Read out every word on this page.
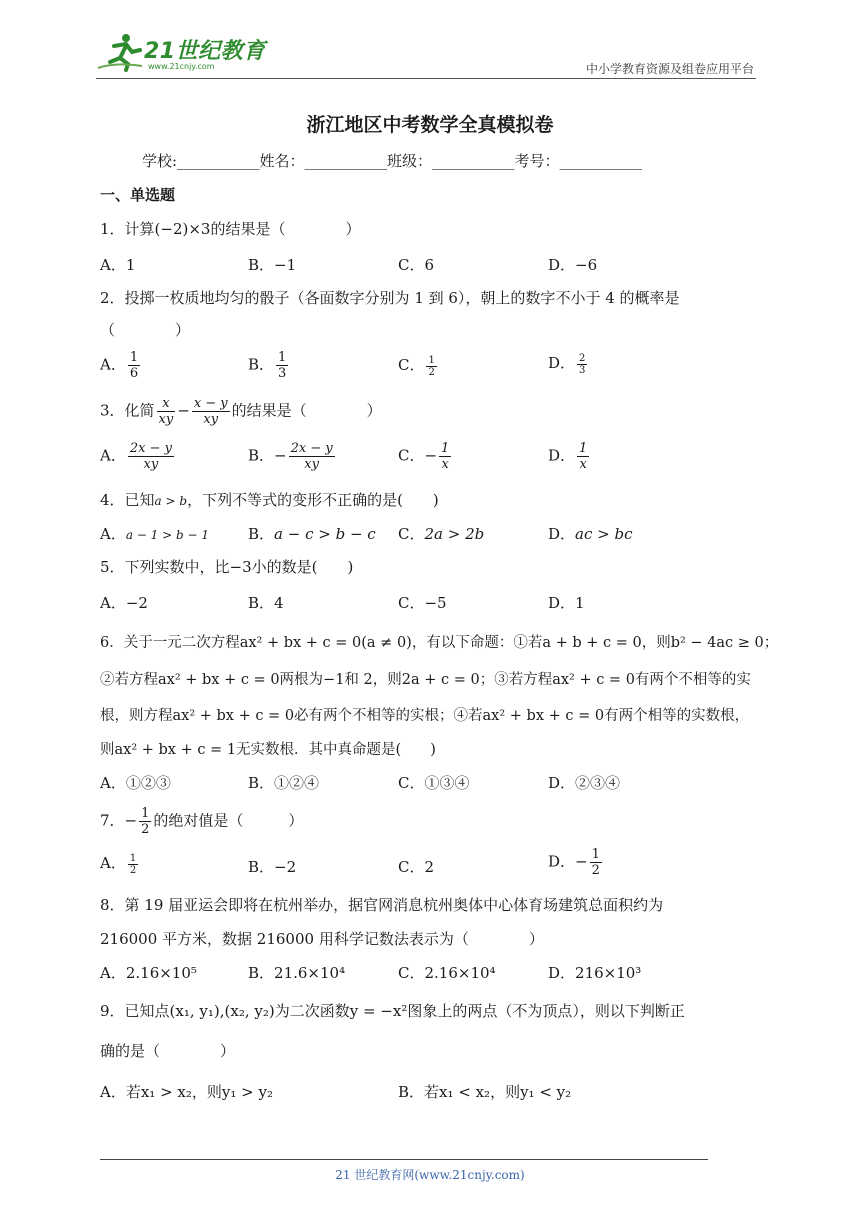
21世纪教育
www.21cnjy.com	中小学教育资源及组卷应用平台
浙江地区中考数学全真模拟卷
学校:___________姓名：___________班级：___________考号：___________
一、单选题
1．计算(−2)×3的结果是（　　　　）
A．1	B．−1	C．6	D．−6
2．投掷一枚质地均匀的骰子（各面数字分别为 1 到 6），朝上的数字不小于 4 的概率是
（　　　　）
A． $\frac{1}{6}$	B． $\frac{1}{3}$	C． $\frac{1}{2}$	D． $\frac{2}{3}$
3．化简 $\frac{x}{xy} - \frac{x - y}{xy}$ 的结果是（　　　　）
A． $\frac{2x - y}{xy}$	B．− $\frac{2x - y}{xy}$	C．− $\frac{1}{x}$	D． $\frac{1}{x}$
4．已知a > b，下列不等式的变形不正确的是(　　)
A．a − 1 > b − 1	B．a − c > b − c C．2a > 2b	D．ac > bc
5．下列实数中，比−3小的数是(　　)
A．−2	B．4	C．−5	D．1
6．关于一元二次方程ax² + bx + c = 0(a ≠ 0)，有以下命题：①若a + b + c = 0，则b² − 4ac ≥ 0；
②若方程ax² + bx + c = 0两根为−1和 2，则2a + c = 0；③若方程ax² + c = 0有两个不相等的实
根，则方程ax² + bx + c = 0必有两个不相等的实根；④若ax² + bx + c = 0有两个相等的实数根，
则ax² + bx + c = 1无实数根．其中真命题是(　　)
A．①②③	B．①②④	C．①③④	D．②③④
7．− $\frac{1}{2}$ 的绝对值是（　　　）
A． $\frac{1}{2}$	B．−2	C．2	D．− $\frac{1}{2}$
8．第 19 届亚运会即将在杭州举办，据官网消息杭州奥体中心体育场建筑总面积约为
216000 平方米，数据 216000 用科学记数法表示为（　　　　）
A．2.16×10⁵	B．21.6×10⁴	C．2.16×10⁴	D．216×10³
9．已知点(x₁, y₁),(x₂, y₂)为二次函数y = −x²图象上的两点（不为顶点），则以下判断正
确的是（　　　　）
A．若x₁ > x₂，则y₁ > y₂	B．若x₁ < x₂，则y₁ < y₂
21 世纪教育网(www.21cnjy.com)
